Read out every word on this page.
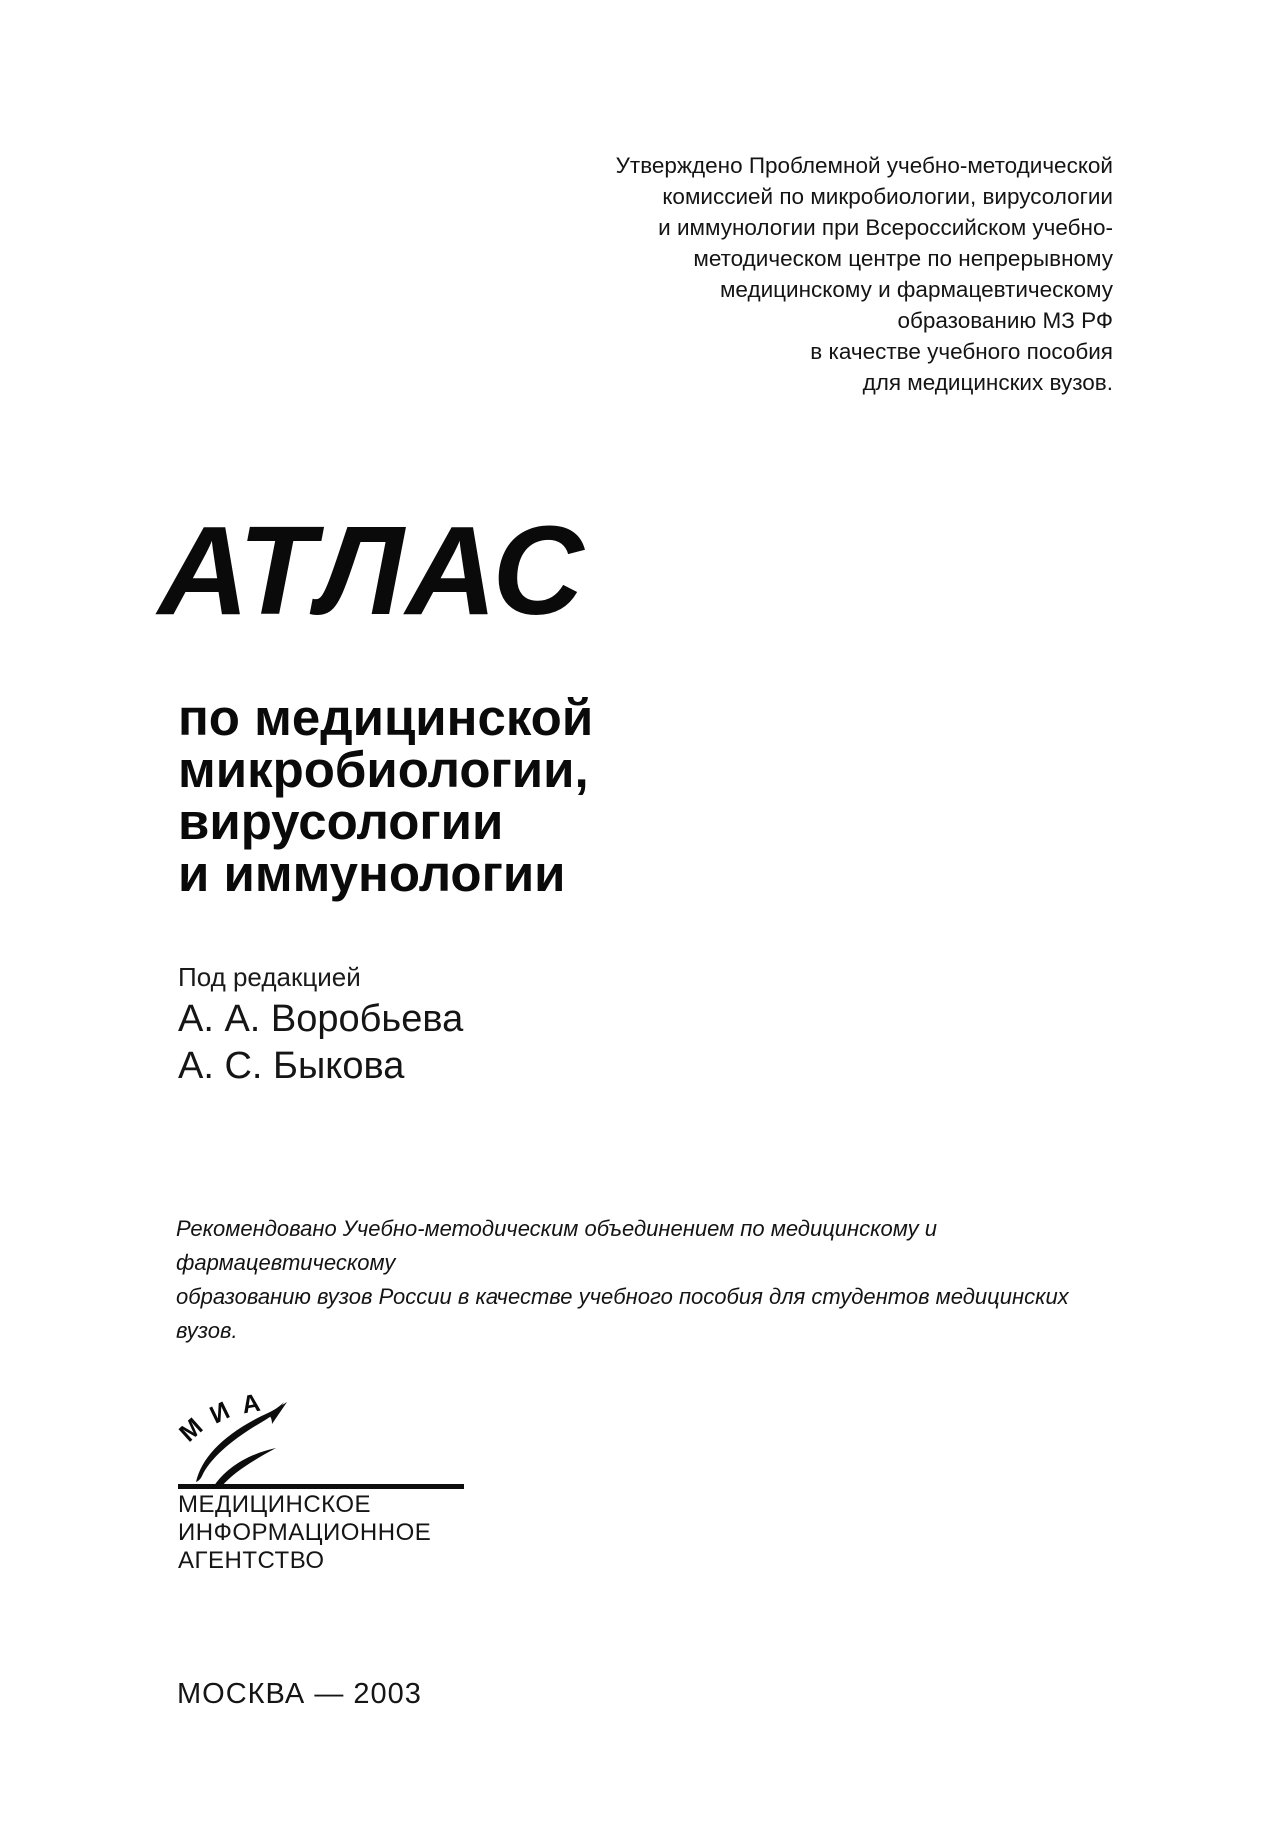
Утверждено Проблемной учебно-методической
комиссией по микробиологии, вирусологии
и иммунологии при Всероссийском учебно-
методическом центре по непрерывному
медицинскому и фармацевтическому
образованию МЗ РФ
в качестве учебного пособия
для медицинских вузов.
АТЛАС
по медицинской
микробиологии,
вирусологии
и иммунологии
Под редакцией
А. А. Воробьева
А. С. Быкова
Рекомендовано Учебно-методическим объединением по медицинскому и фармацевтическому
образованию вузов России в качестве учебного пособия для студентов медицинских вузов.
М
И А
МЕДИЦИНСКОЕ
ИНФОРМАЦИОННОЕ
АГЕНТСТВО
МОСКВА — 2003
